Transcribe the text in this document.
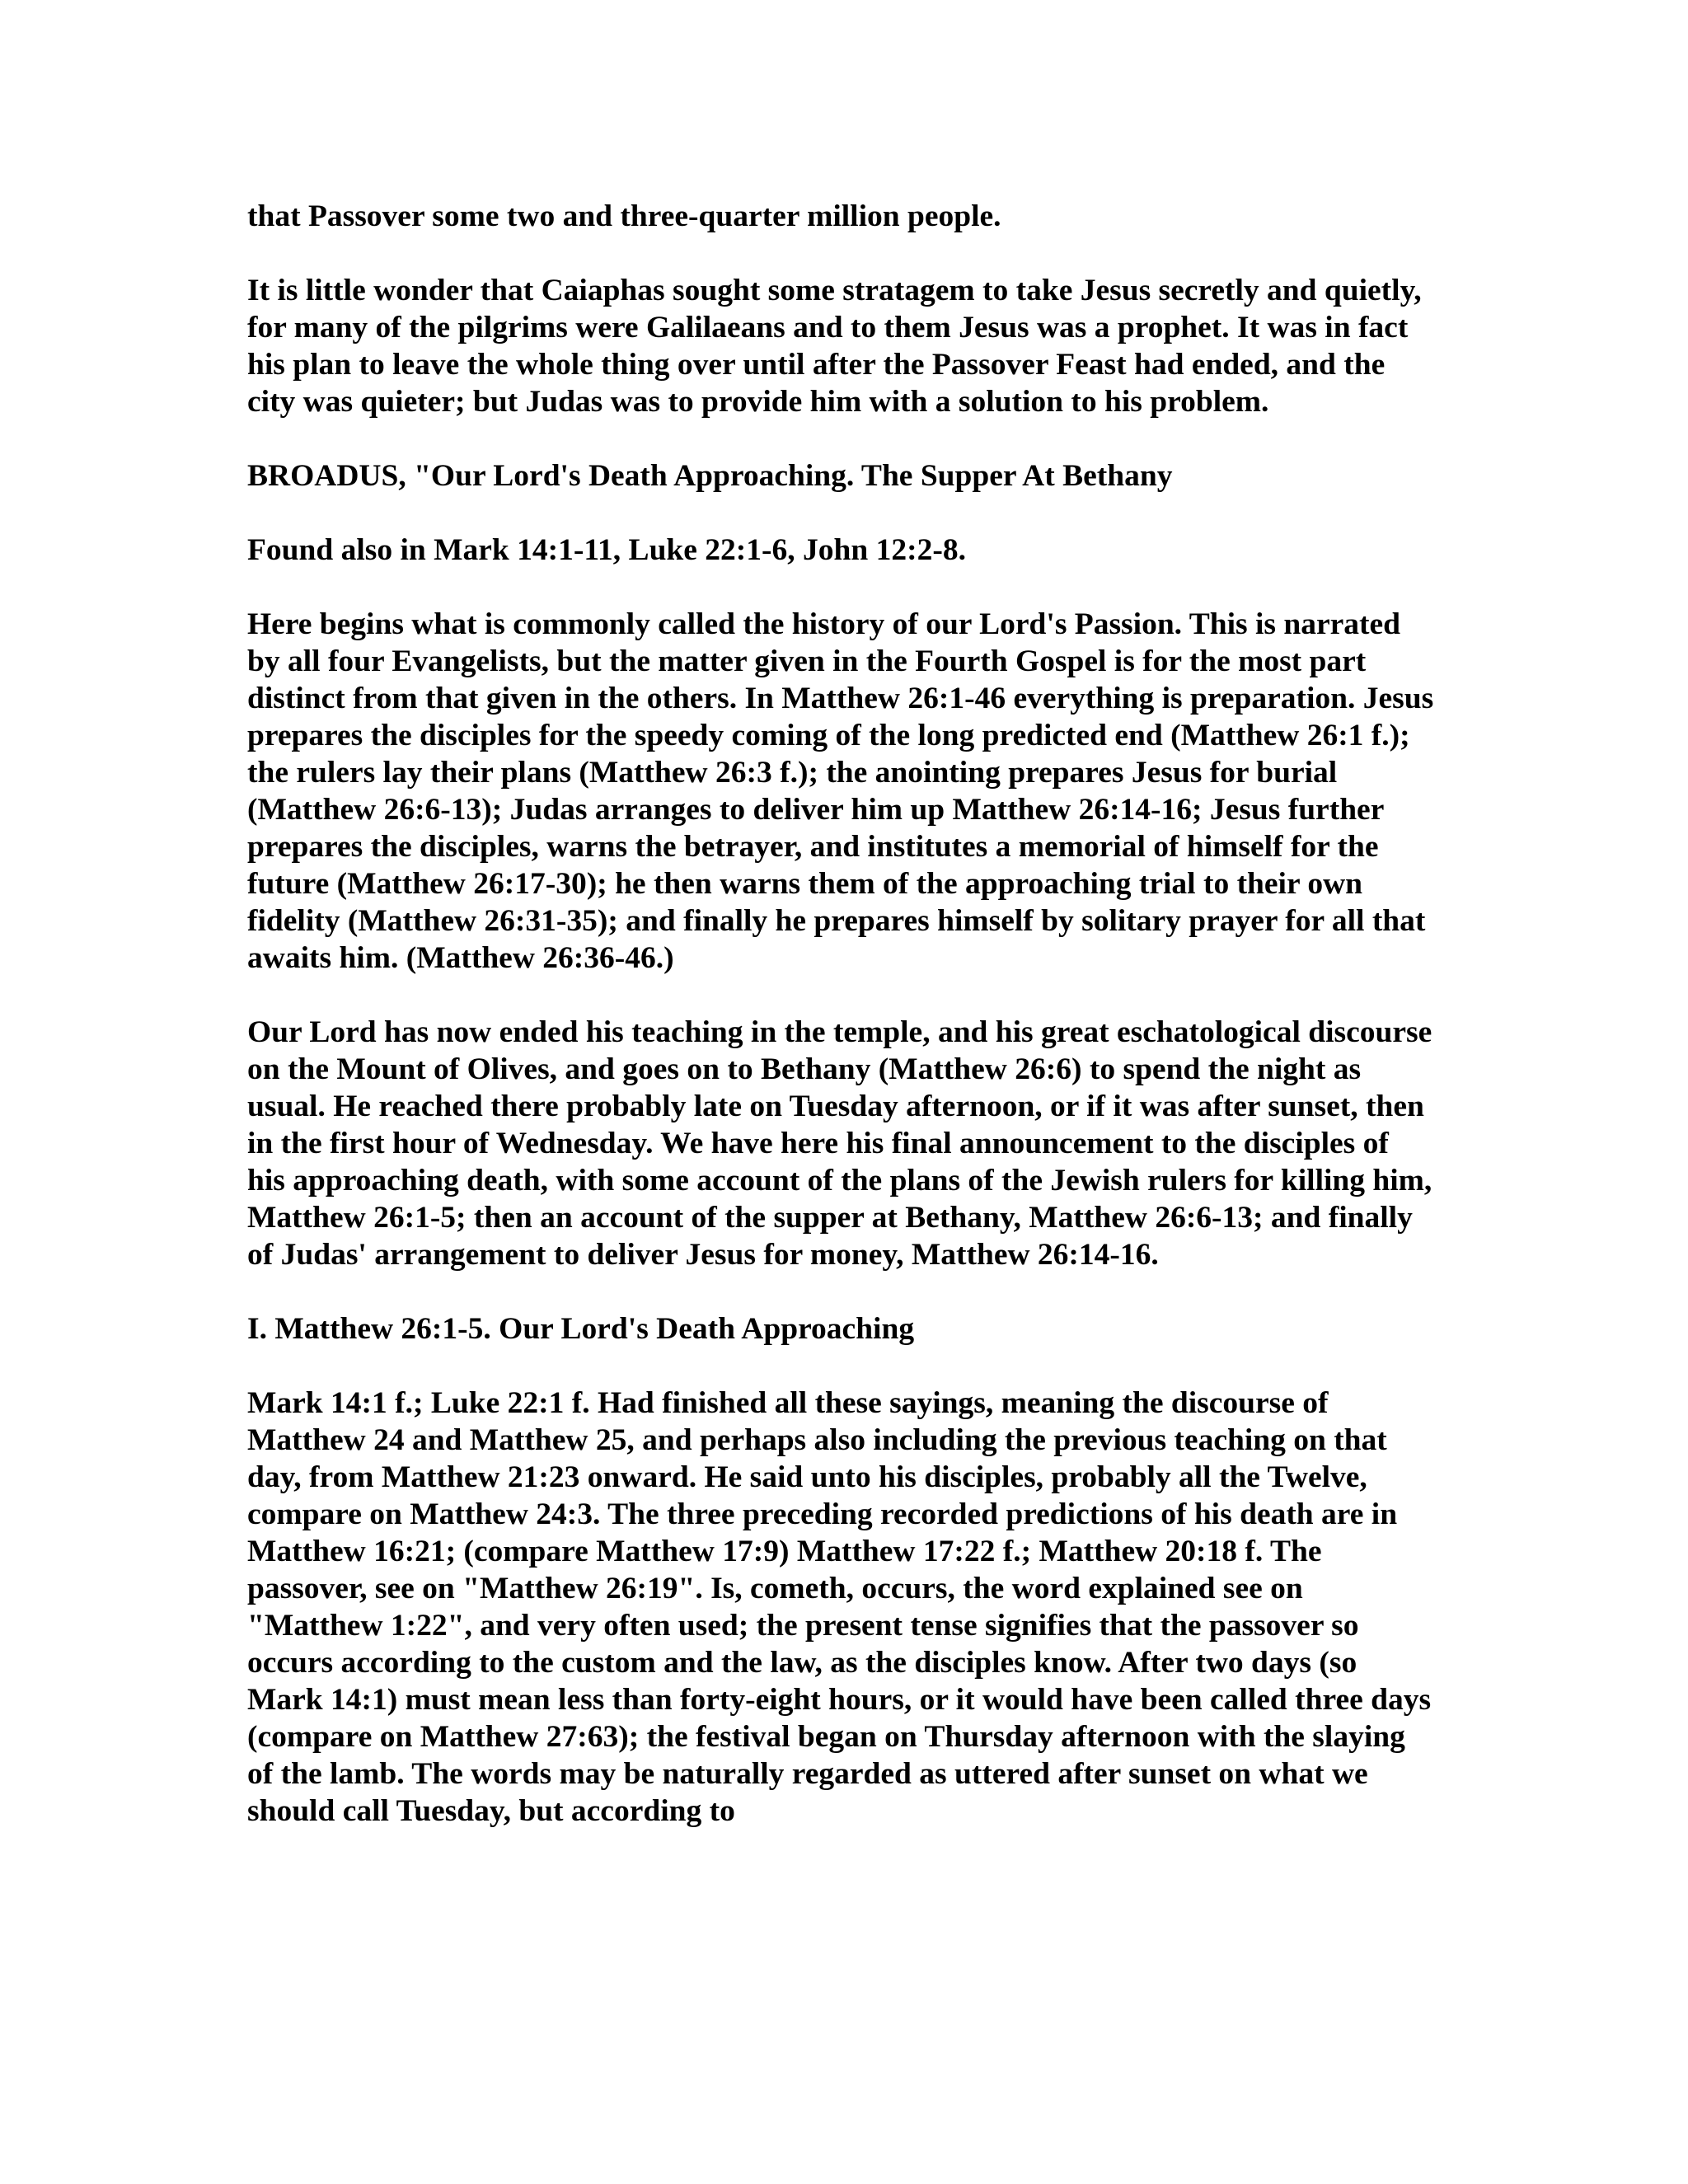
that Passover some two and three-quarter million people.

It is little wonder that Caiaphas sought some stratagem to take Jesus secretly and quietly, for many of the pilgrims were Galilaeans and to them Jesus was a prophet. It was in fact his plan to leave the whole thing over until after the Passover Feast had ended, and the city was quieter; but Judas was to provide him with a solution to his problem.

BROADUS, "Our Lord's Death Approaching. The Supper At Bethany

Found also in Mark 14:1-11, Luke 22:1-6, John 12:2-8.

Here begins what is commonly called the history of our Lord's Passion. This is narrated by all four Evangelists, but the matter given in the Fourth Gospel is for the most part distinct from that given in the others. In Matthew 26:1-46 everything is preparation. Jesus prepares the disciples for the speedy coming of the long predicted end (Matthew 26:1 f.); the rulers lay their plans (Matthew 26:3 f.); the anointing prepares Jesus for burial (Matthew 26:6-13); Judas arranges to deliver him up Matthew 26:14-16; Jesus further prepares the disciples, warns the betrayer, and institutes a memorial of himself for the future (Matthew 26:17-30); he then warns them of the approaching trial to their own fidelity (Matthew 26:31-35); and finally he prepares himself by solitary prayer for all that awaits him. (Matthew 26:36-46.)

Our Lord has now ended his teaching in the temple, and his great eschatological discourse on the Mount of Olives, and goes on to Bethany (Matthew 26:6) to spend the night as usual. He reached there probably late on Tuesday afternoon, or if it was after sunset, then in the first hour of Wednesday. We have here his final announcement to the disciples of his approaching death, with some account of the plans of the Jewish rulers for killing him, Matthew 26:1-5; then an account of the supper at Bethany, Matthew 26:6-13; and finally of Judas' arrangement to deliver Jesus for money, Matthew 26:14-16.

I. Matthew 26:1-5. Our Lord's Death Approaching

Mark 14:1 f.; Luke 22:1 f. Had finished all these sayings, meaning the discourse of Matthew 24 and Matthew 25, and perhaps also including the previous teaching on that day, from Matthew 21:23 onward. He said unto his disciples, probably all the Twelve, compare on Matthew 24:3. The three preceding recorded predictions of his death are in Matthew 16:21; (compare Matthew 17:9) Matthew 17:22 f.; Matthew 20:18 f. The passover, see on "Matthew 26:19". Is, cometh, occurs, the word explained see on "Matthew 1:22", and very often used; the present tense signifies that the passover so occurs according to the custom and the law, as the disciples know. After two days (so Mark 14:1) must mean less than forty-eight hours, or it would have been called three days (compare on Matthew 27:63); the festival began on Thursday afternoon with the slaying of the lamb. The words may be naturally regarded as uttered after sunset on what we should call Tuesday, but according to
